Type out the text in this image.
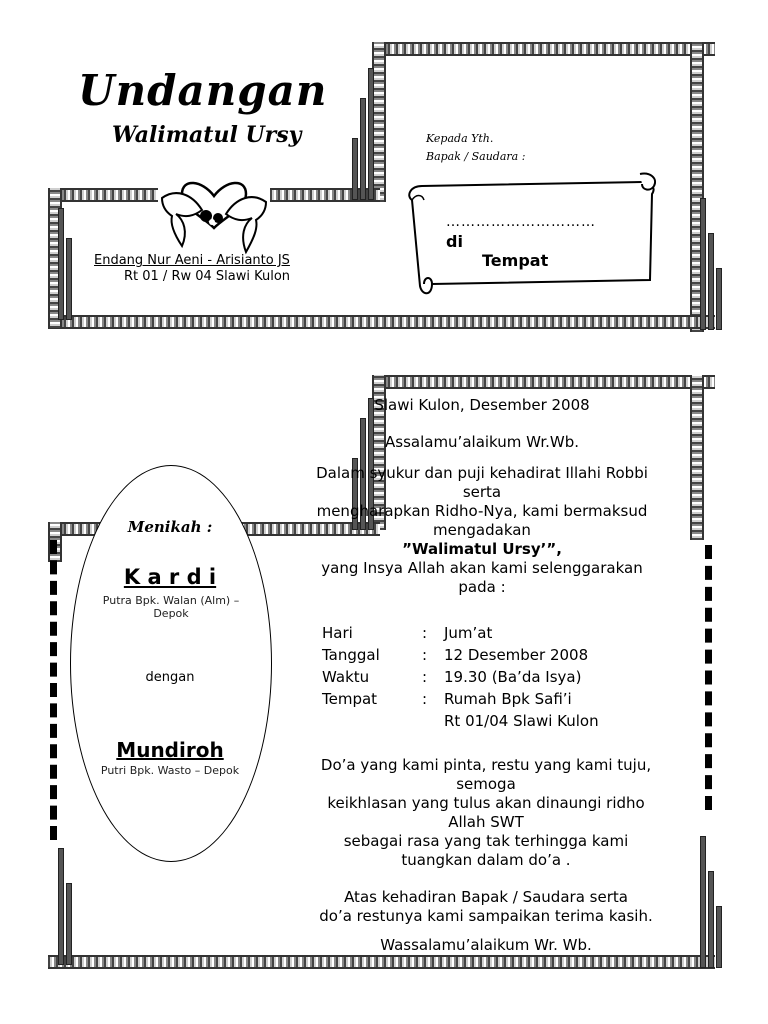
Undangan
Walimatul Ursy
Endang Nur Aeni - Arisianto JS
Rt 01 / Rw 04 Slawi Kulon
Kepada Yth.
Bapak / Saudara :
…………………………
di
Tempat
Menikah :
K a r d i
Putra Bpk. Walan (Alm) – Depok
dengan
Mundiroh
Putri Bpk. Wasto – Depok
Slawi Kulon, Desember 2008
Assalamu’alaikum Wr.Wb.
Dalam syukur dan puji kehadirat Illahi Robbi
serta
mengharapkan Ridho-Nya, kami bermaksud
mengadakan
”Walimatul Ursy’”,
yang Insya Allah akan kami selenggarakan
pada :
Hari	:	Jum’at
Tanggal	:	12 Desember 2008
Waktu	:	19.30 (Ba’da Isya)
Tempat	:	Rumah Bpk Safi’i
Rt 01/04 Slawi Kulon
Do’a yang kami pinta, restu yang kami tuju,
semoga
keikhlasan yang tulus akan dinaungi ridho
Allah SWT
sebagai rasa yang tak terhingga kami
tuangkan dalam do’a .
Atas kehadiran Bapak / Saudara serta
do’a restunya kami sampaikan terima kasih.
Wassalamu’alaikum Wr. Wb.
